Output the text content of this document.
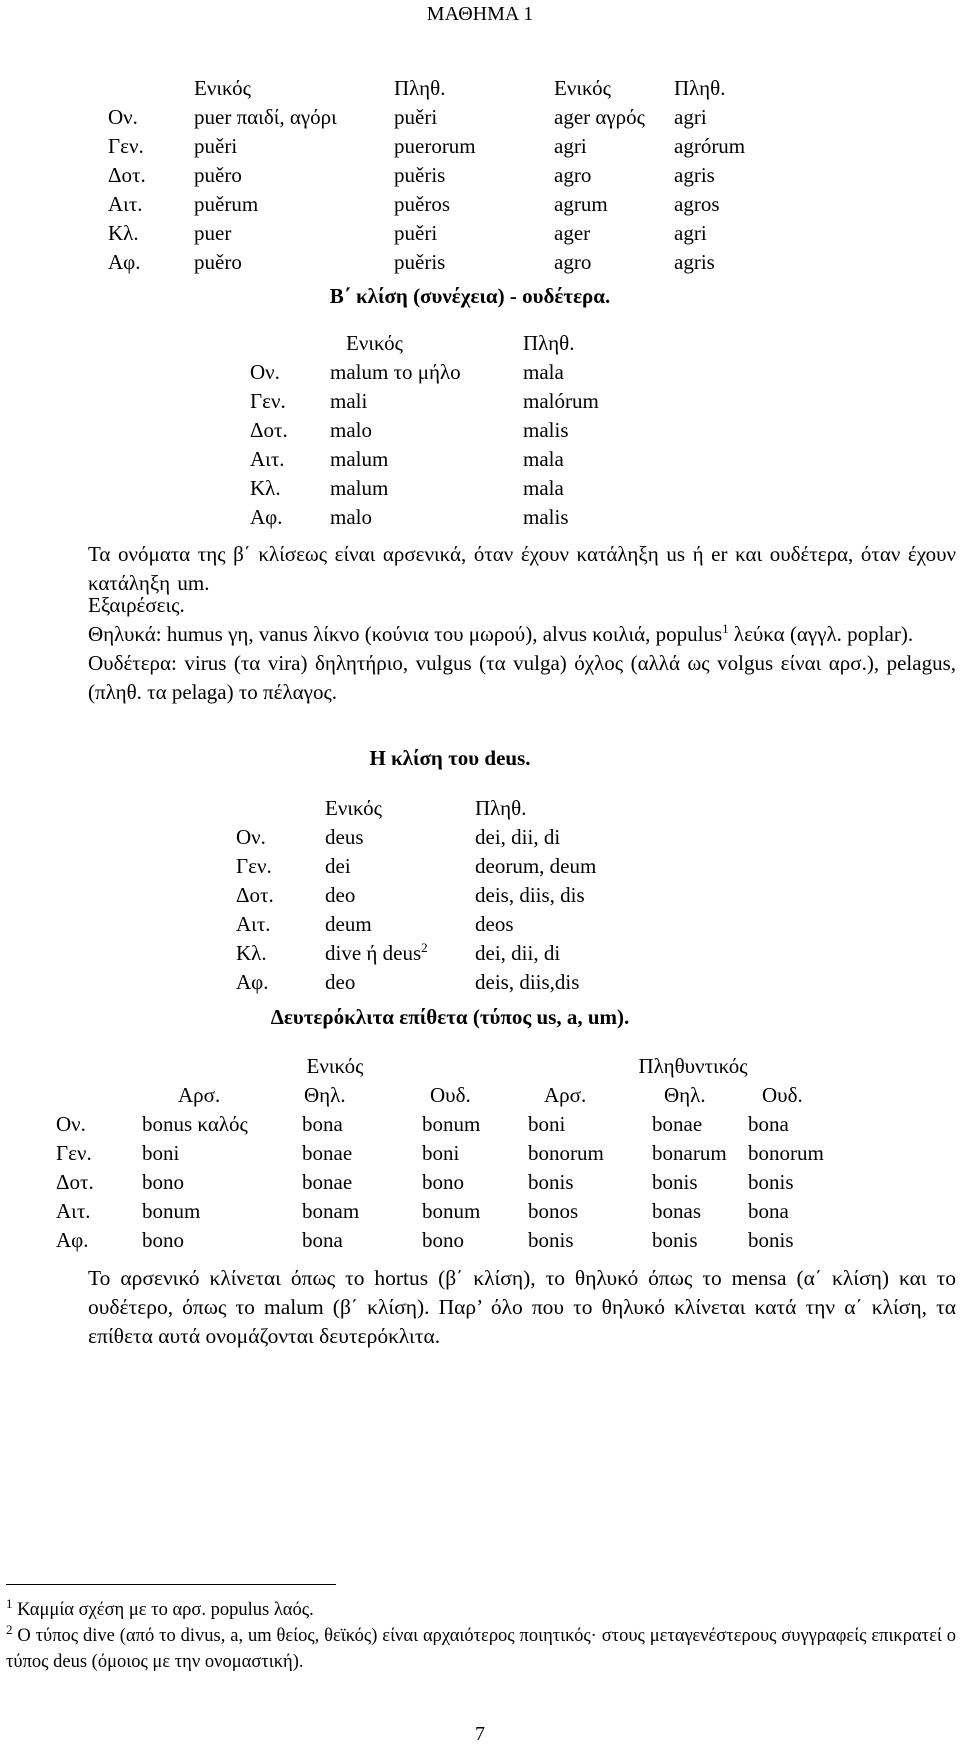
ΜΑΘΗΜΑ 1
	Ενικός	Πληθ.	Ενικός	Πληθ.
Ον.	puer παιδί, αγόρι	puěri	ager αγρός	agri
Γεν.	puěri	puerorum	agri	agrórum
Δοτ.	puěro	puěris	agro	agris
Αιτ.	puěrum	puěros	agrum	agros
Κλ.	puer	puěri	ager	agri
Αφ.	puěro	puěris	agro	agris
Β΄ κλίση (συνέχεια) - ουδέτερα.
	Ενικός	Πληθ.
Ον.	malum το μήλο	mala
Γεν.	mali	malórum
Δοτ.	malo	malis
Αιτ.	malum	mala
Κλ.	malum	mala
Αφ.	malo	malis

Τα ονόματα της β΄ κλίσεως είναι αρσενικά, όταν έχουν κατάληξη us ή er και ουδέτερα, όταν έχουν κατάληξη um.

Εξαιρέσεις.

Θηλυκά: humus γη, vanus λίκνο (κούνια του μωρού), alvus κοιλιά, populus$^1$ λεύκα (αγγλ. poplar).

Ουδέτερα: virus (τα vira) δηλητήριο, vulgus (τα vulga) όχλος (αλλά ως volgus είναι αρσ.), pelagus, (πληθ. τα pelaga) το πέλαγος.

Η κλίση του deus.
	Ενικός	Πληθ.
Ον.	deus	dei, dii, di
Γεν.	dei	deorum, deum
Δοτ.	deo	deis, diis, dis
Αιτ.	deum	deos
Κλ.	dive ή deus$^2$	dei, dii, di
Αφ.	deo	deis, diis,dis
Δευτερόκλιτα επίθετα (τύπος us, a, um).
	Ενικός			Πληθυντικός		
	Αρσ.	Θηλ.	Ουδ.	Αρσ.	Θηλ.	Ουδ.
Ον.	bonus καλός	bona	bonum	boni	bonae	bona
Γεν.	boni	bonae	boni	bonorum	bonarum	bonorum
Δοτ.	bono	bonae	bono	bonis	bonis	bonis
Αιτ.	bonum	bonam	bonum	bonos	bonas	bona
Αφ.	bono	bona	bono	bonis	bonis	bonis

Το αρσενικό κλίνεται όπως το hortus (β΄ κλίση), το θηλυκό όπως το mensa (α΄ κλίση) και το ουδέτερο, όπως το malum (β΄ κλίση). Παρ’ όλο που το θηλυκό κλίνεται κατά την α΄ κλίση, τα επίθετα αυτά ονομάζονται δευτερόκλιτα.

$^1$ Καμμία σχέση με το αρσ. populus λαός.

$^2$ Ο τύπος dive (από το divus, a, um θείος, θεϊκός) είναι αρχαιότερος ποιητικός· στους μεταγενέστερους συγγραφείς επικρατεί ο τύπος deus (όμοιος με την ονομαστική).

7
